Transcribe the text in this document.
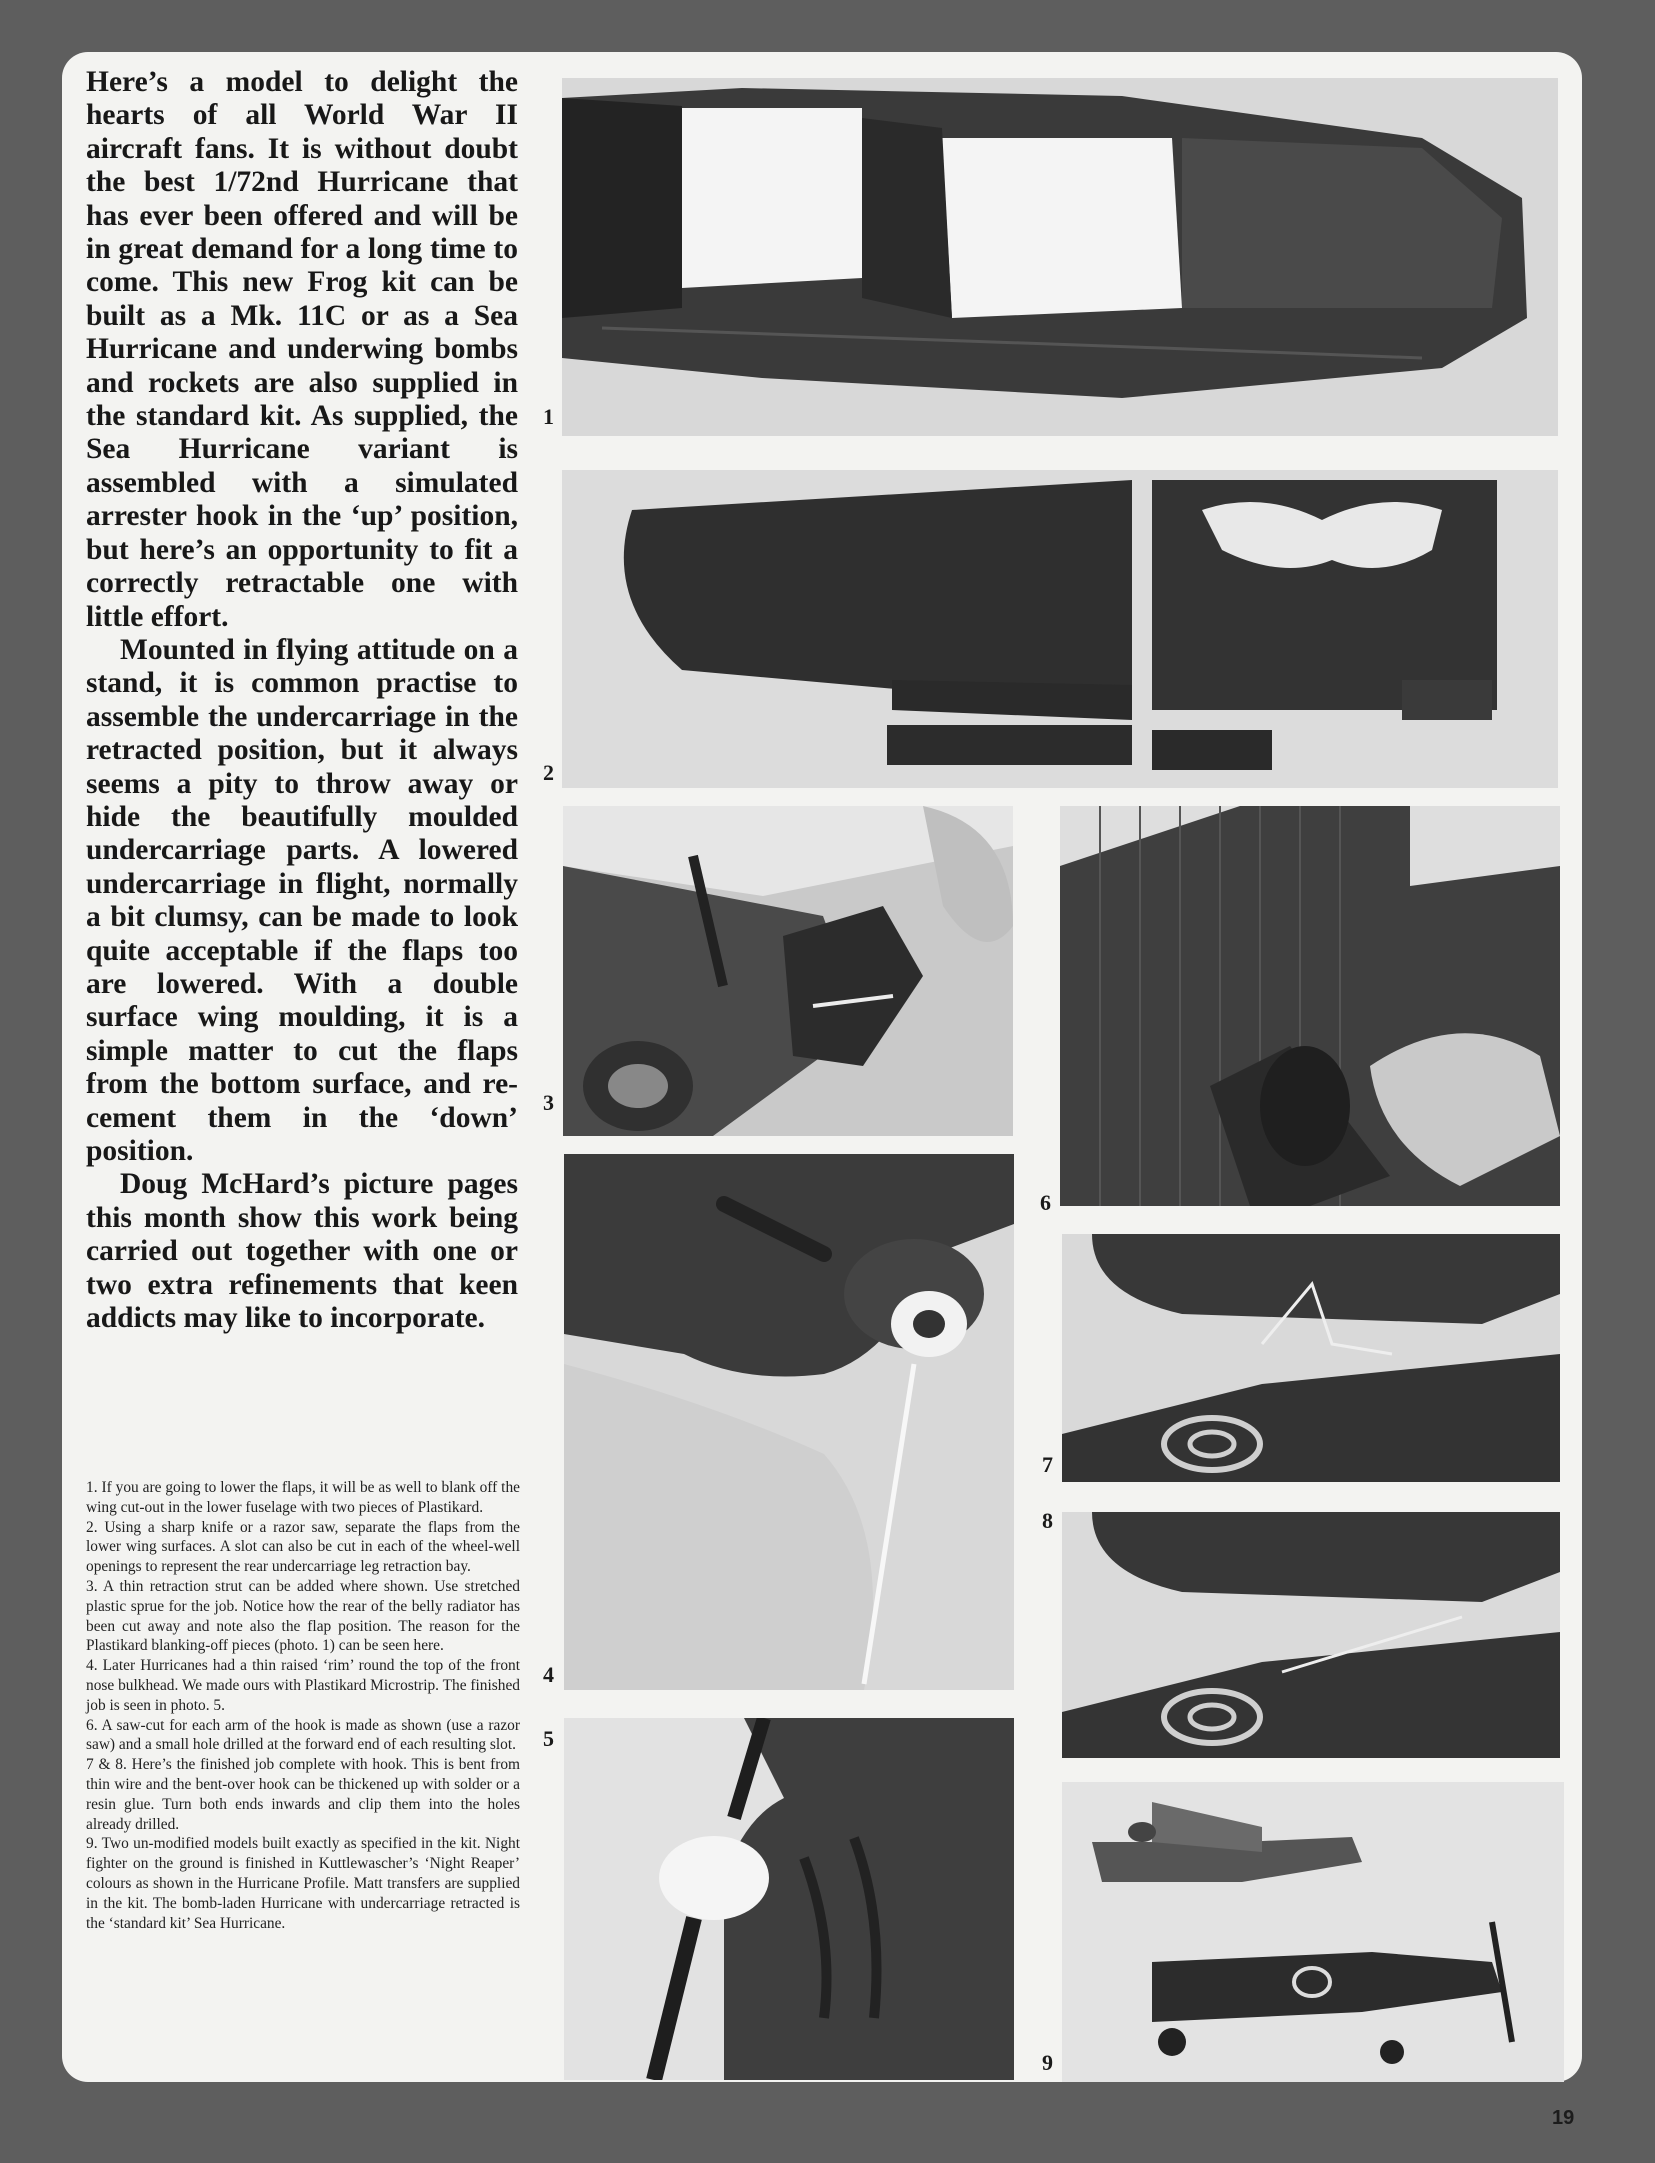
Here’s a model to delight the hearts of all World War II aircraft fans. It is without doubt the best 1/72nd Hurricane that has ever been offered and will be in great demand for a long time to come. This new Frog kit can be built as a Mk. 11C or as a Sea Hurricane and underwing bombs and rockets are also supplied in the standard kit. As supplied, the Sea Hurricane variant is assembled with a simulated arrester hook in the ‘up’ position, but here’s an opportunity to fit a correctly retractable one with little effort.

Mounted in flying attitude on a stand, it is common practise to assemble the undercarriage in the retracted position, but it always seems a pity to throw away or hide the beautifully moulded undercarriage parts. A lowered undercarriage in flight, normally a bit clumsy, can be made to look quite acceptable if the flaps too are lowered. With a double surface wing moulding, it is a simple matter to cut the flaps from the bottom surface, and re-cement them in the ‘down’ position.

Doug McHard’s picture pages this month show this work being carried out together with one or two extra refinements that keen addicts may like to incorporate.

1. If you are going to lower the flaps, it will be as well to blank off the wing cut-out in the lower fuselage with two pieces of Plastikard.

2. Using a sharp knife or a razor saw, separate the flaps from the lower wing surfaces. A slot can also be cut in each of the wheel-well openings to represent the rear undercarriage leg retraction bay.

3. A thin retraction strut can be added where shown. Use stretched plastic sprue for the job. Notice how the rear of the belly radiator has been cut away and note also the flap position. The reason for the Plastikard blanking-off pieces (photo. 1) can be seen here.

4. Later Hurricanes had a thin raised ‘rim’ round the top of the front nose bulkhead. We made ours with Plastikard Microstrip. The finished job is seen in photo. 5.

6. A saw-cut for each arm of the hook is made as shown (use a razor saw) and a small hole drilled at the forward end of each resulting slot.

7 & 8. Here’s the finished job complete with hook. This is bent from thin wire and the bent-over hook can be thickened up with solder or a resin glue. Turn both ends inwards and clip them into the holes already drilled.

9. Two un-modified models built exactly as specified in the kit. Night fighter on the ground is finished in Kuttlewascher’s ‘Night Reaper’ colours as shown in the Hurricane Profile. Matt transfers are supplied in the kit. The bomb-laden Hurricane with undercarriage retracted is the ‘standard kit’ Sea Hurricane.

1
2
3
6
4
5
7
8
9
19
